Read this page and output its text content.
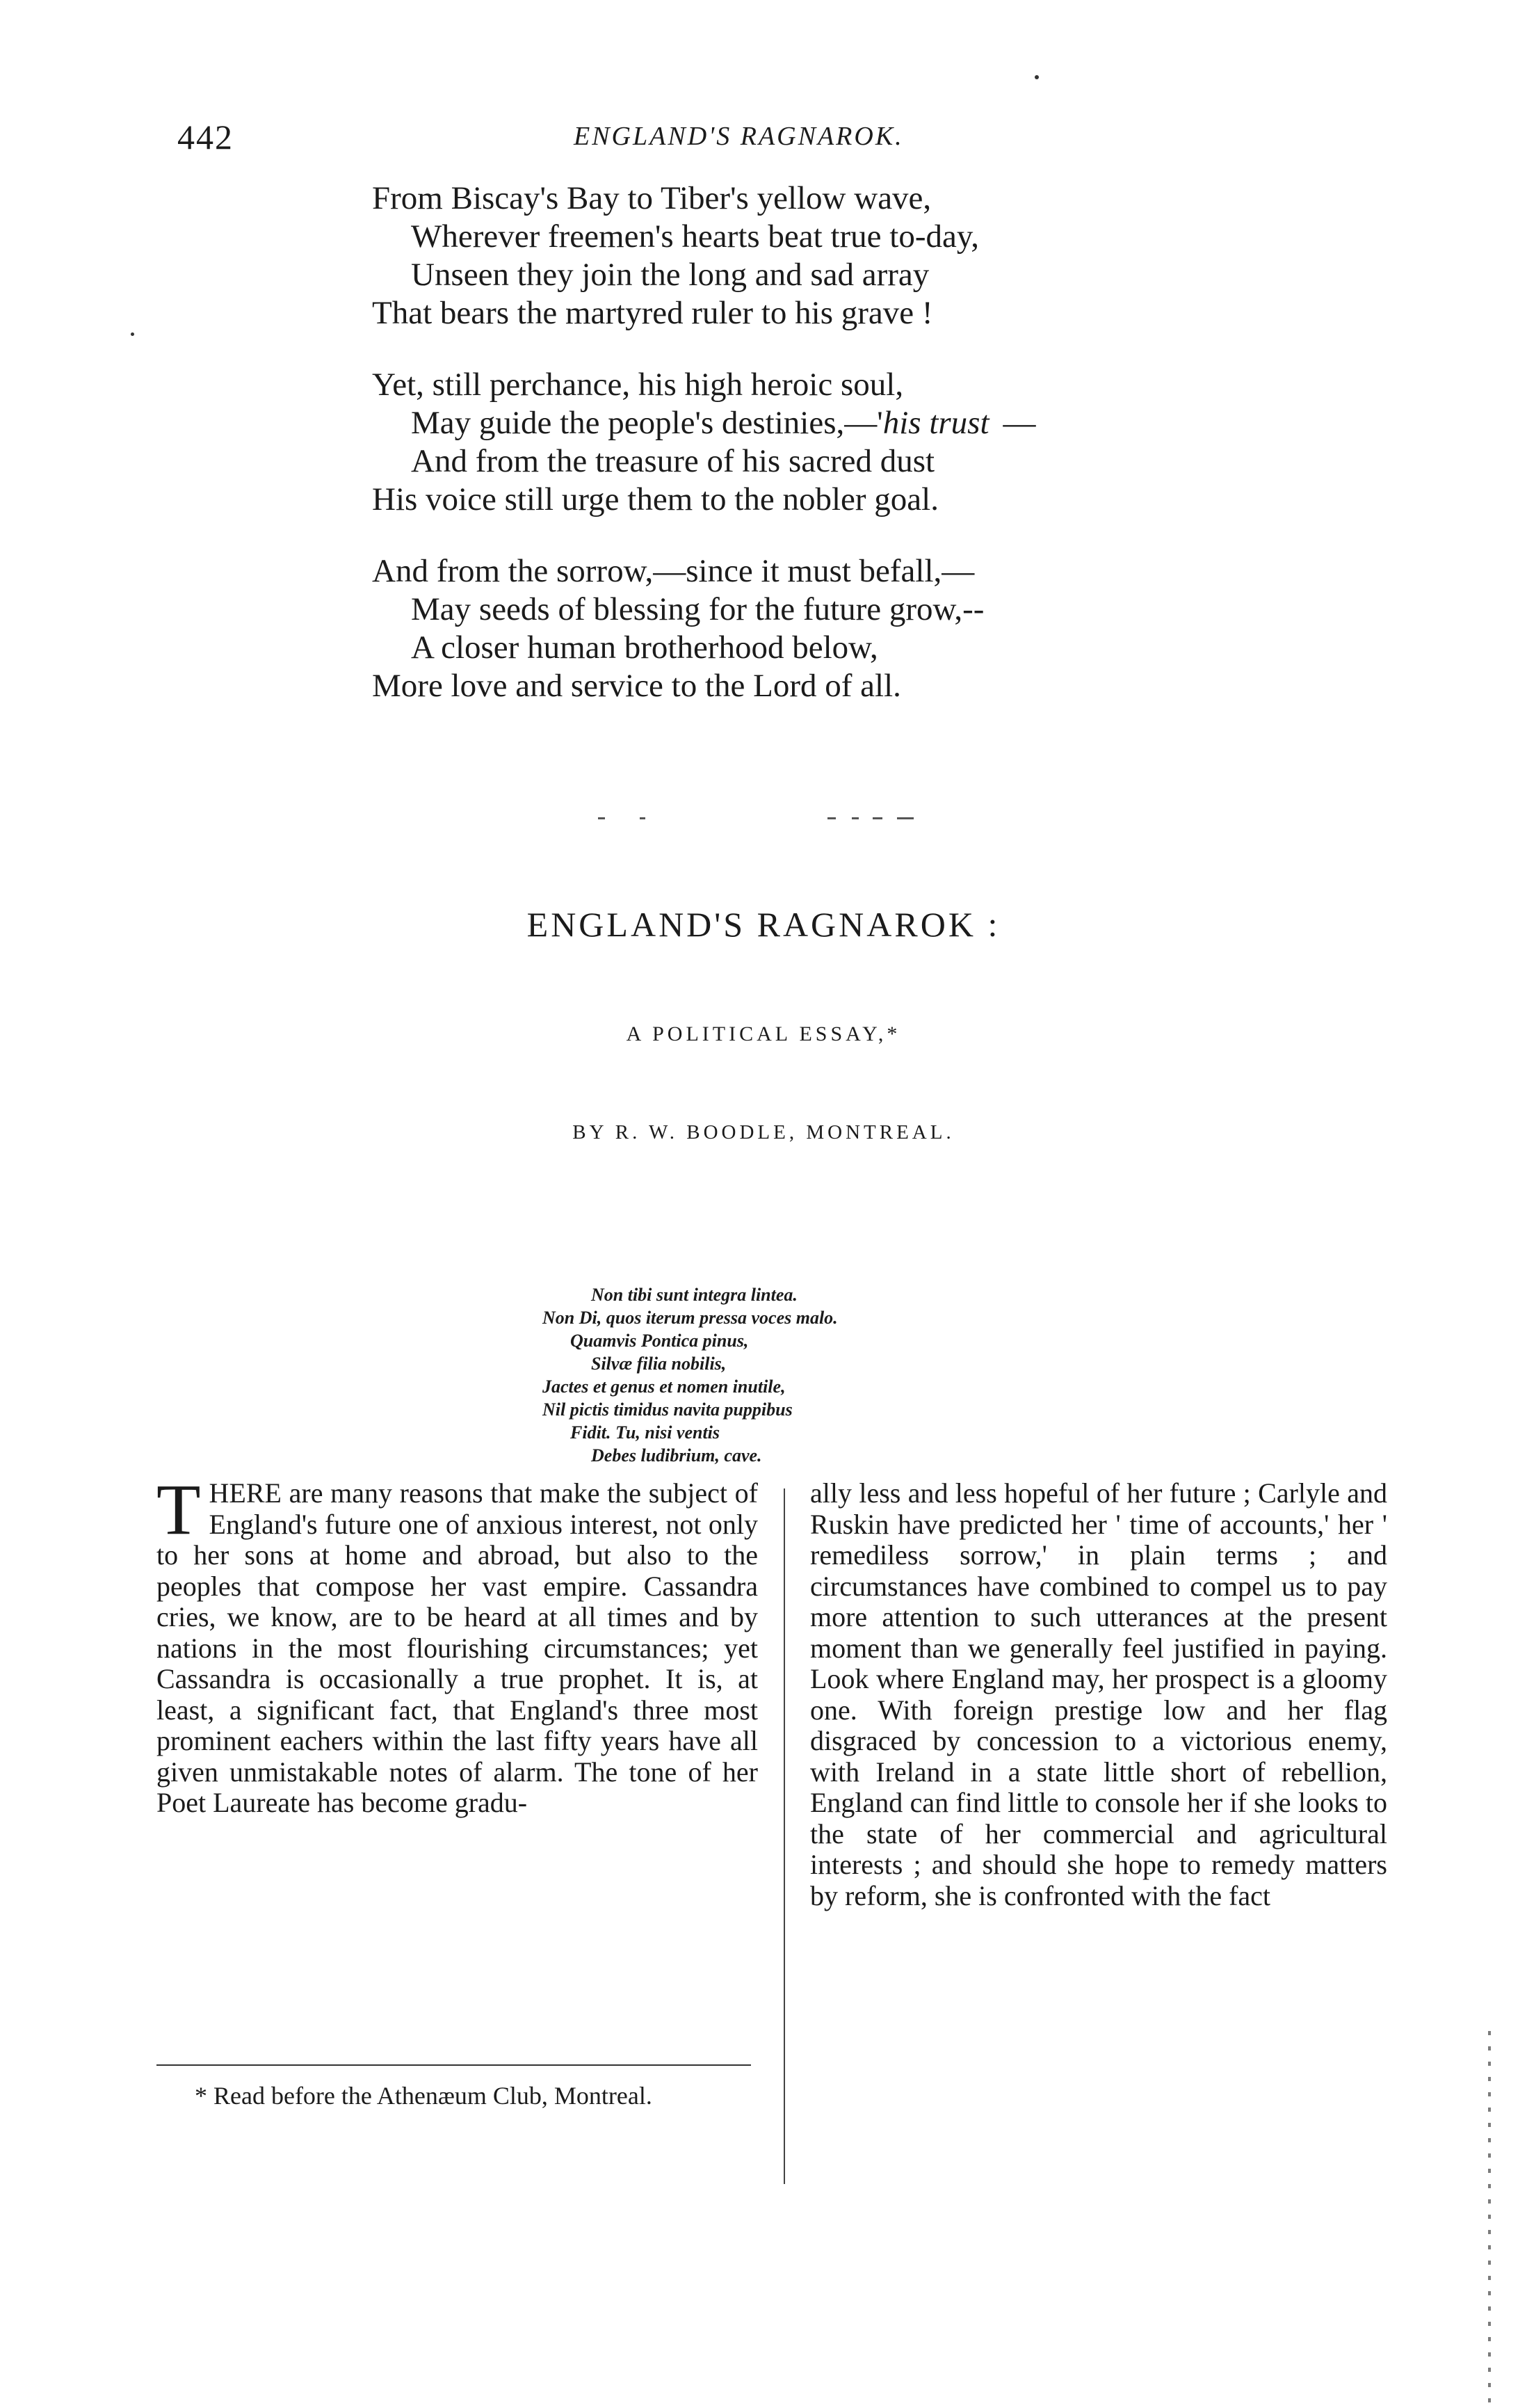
442	ENGLAND'S RAGNAROK.
From Biscay's Bay to Tiber's yellow wave,
Wherever freemen's hearts beat true to-day,
Unseen they join the long and sad array
That bears the martyred ruler to his grave !
Yet, still perchance, his high heroic soul,
May guide the people's destinies,—'his trust —
And from the treasure of his sacred dust
His voice still urge them to the nobler goal.
And from the sorrow,—since it must befall,—
May seeds of blessing for the future grow,--
A closer human brotherhood below,
More love and service to the Lord of all.
ENGLAND'S RAGNAROK :
A POLITICAL ESSAY,*
BY R. W. BOODLE, MONTREAL.
Non tibi sunt integra lintea.
Non Di, quos iterum pressa voces malo.
Quamvis Pontica pinus,
Silvæ filia nobilis,
Jactes et genus et nomen inutile,
Nil pictis timidus navita puppibus
Fidit. Tu, nisi ventis
Debes ludibrium, cave.
THERE are many reasons that make the subject of England's future one of anxious interest, not only to her sons at home and abroad, but also to the peoples that compose her vast empire. Cassandra cries, we know, are to be heard at all times and by nations in the most flourishing circumstances; yet Cassandra is occasionally a true prophet. It is, at least, a significant fact, that England's three most prominent eachers within the last fifty years have all given unmistakable notes of alarm. The tone of her Poet Laureate has become gradu-
ally less and less hopeful of her future ; Carlyle and Ruskin have predicted her ' time of accounts,' her ' remediless sorrow,' in plain terms ; and circumstances have combined to compel us to pay more attention to such utterances at the present moment than we generally feel justified in paying. Look where England may, her prospect is a gloomy one. With foreign prestige low and her flag disgraced by concession to a victorious enemy, with Ireland in a state little short of rebellion, England can find little to console her if she looks to the state of her commercial and agricultural interests ; and should she hope to remedy matters by reform, she is confronted with the fact
* Read before the Athenæum Club, Montreal.
